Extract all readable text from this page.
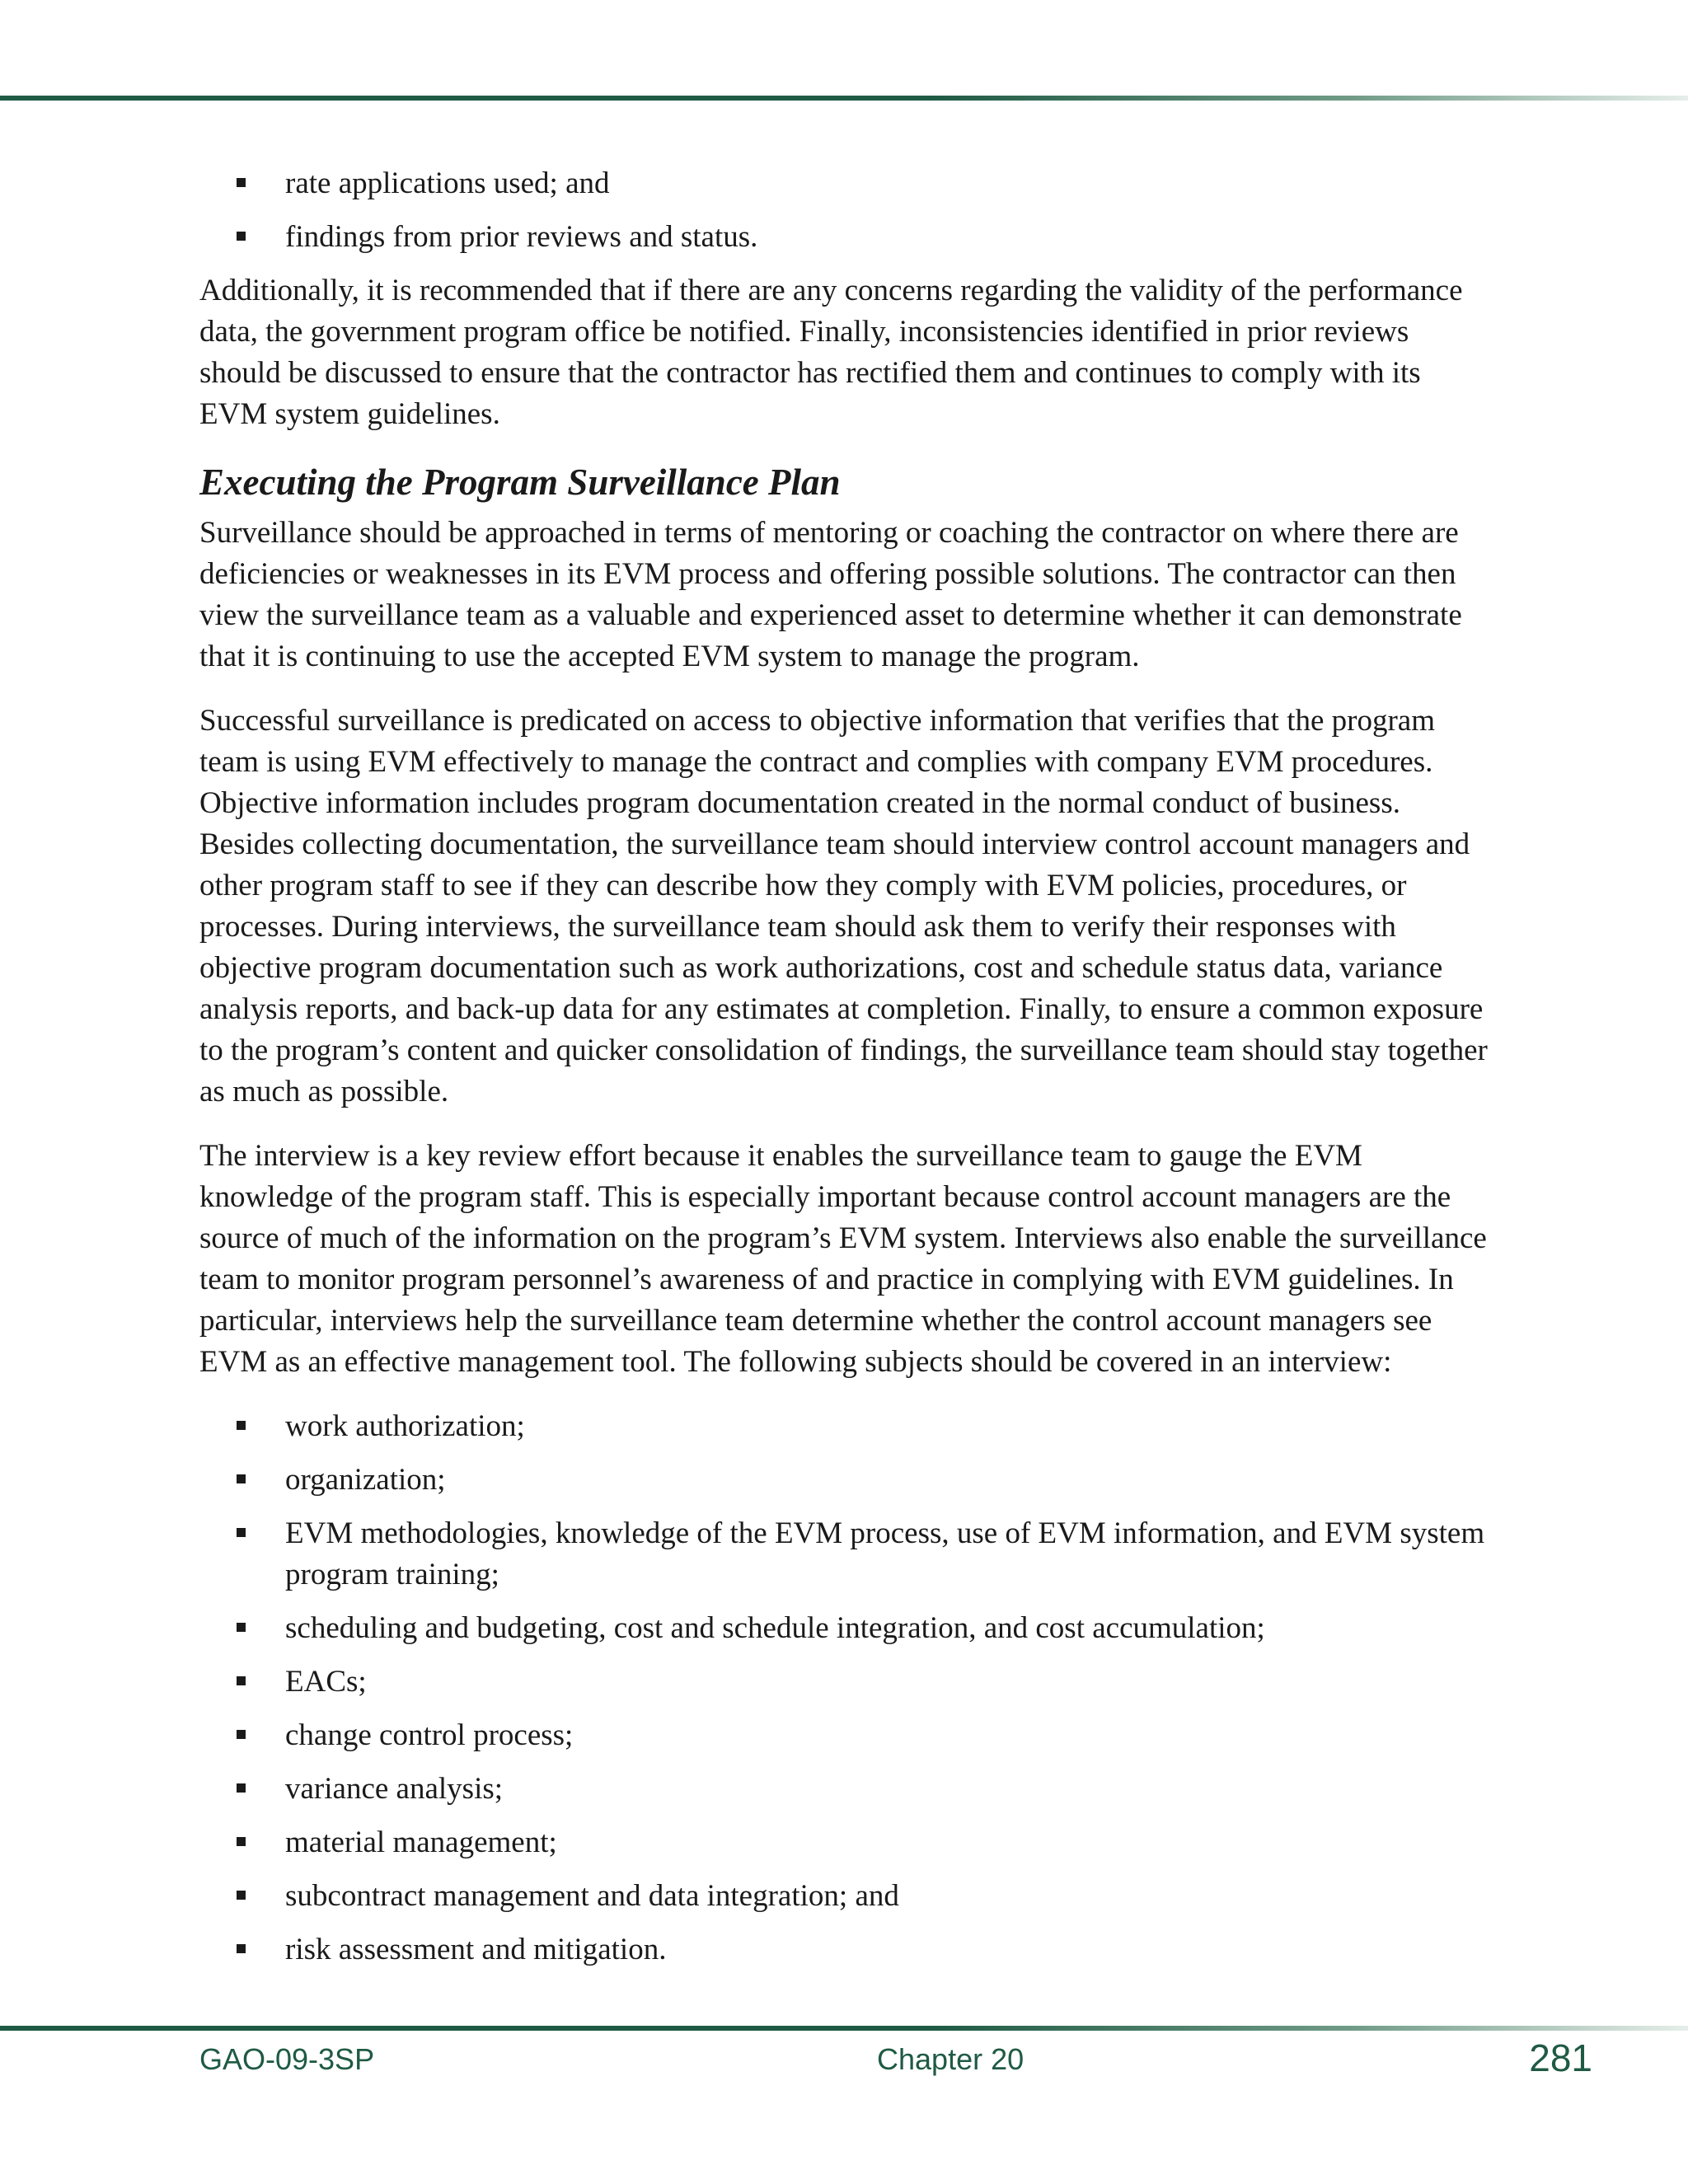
rate applications used; and
findings from prior reviews and status.

Additionally, it is recommended that if there are any concerns regarding the validity of the performance data, the government program office be notified. Finally, inconsistencies identified in prior reviews should be discussed to ensure that the contractor has rectified them and continues to comply with its EVM system guidelines.

Executing the Program Surveillance Plan

Surveillance should be approached in terms of mentoring or coaching the contractor on where there are deficiencies or weaknesses in its EVM process and offering possible solutions. The contractor can then view the surveillance team as a valuable and experienced asset to determine whether it can demonstrate that it is continuing to use the accepted EVM system to manage the program.

Successful surveillance is predicated on access to objective information that verifies that the program team is using EVM effectively to manage the contract and complies with company EVM procedures. Objective information includes program documentation created in the normal conduct of business. Besides collecting documentation, the surveillance team should interview control account managers and other program staff to see if they can describe how they comply with EVM policies, procedures, or processes. During interviews, the surveillance team should ask them to verify their responses with objective program documentation such as work authorizations, cost and schedule status data, variance analysis reports, and back-up data for any estimates at completion. Finally, to ensure a common exposure to the program’s content and quicker consolidation of findings, the surveillance team should stay together as much as possible.

The interview is a key review effort because it enables the surveillance team to gauge the EVM knowledge of the program staff. This is especially important because control account managers are the source of much of the information on the program’s EVM system. Interviews also enable the surveillance team to monitor program personnel’s awareness of and practice in complying with EVM guidelines. In particular, interviews help the surveillance team determine whether the control account managers see EVM as an effective management tool. The following subjects should be covered in an interview:

work authorization;
organization;
EVM methodologies, knowledge of the EVM process, use of EVM information, and EVM system program training;
scheduling and budgeting, cost and schedule integration, and cost accumulation;
EACs;
change control process;
variance analysis;
material management;
subcontract management and data integration; and
risk assessment and mitigation.
GAO-09-3SP	Chapter 20	281
